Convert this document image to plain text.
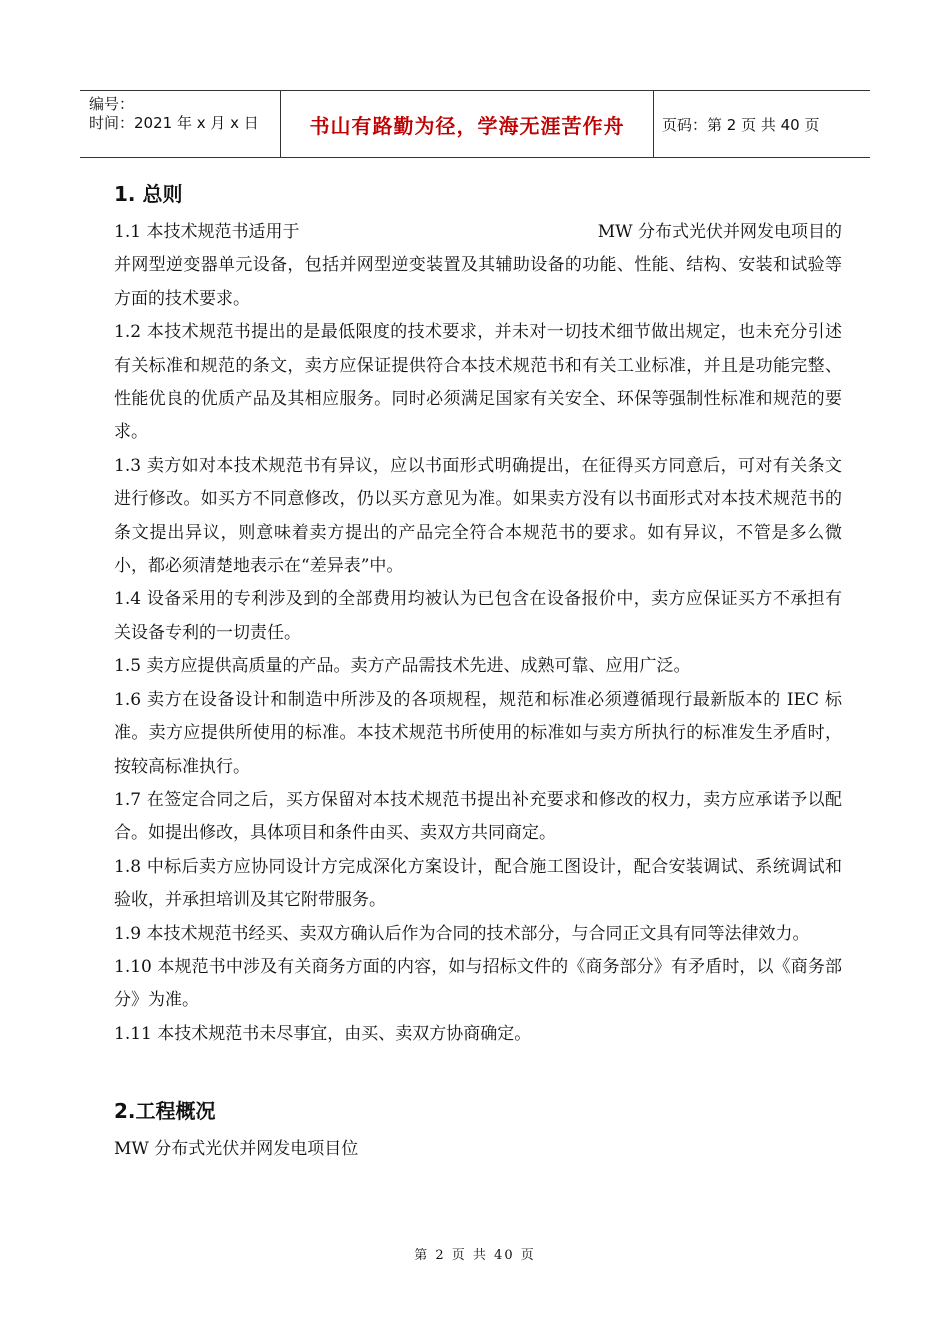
编号：
时间：2021 年 x 月 x 日	书山有路勤为径，学海无涯苦作舟	页码：第 2 页 共 40 页
1. 总则

1.1 本技术规范书适用于	MW 分布式光伏并网发电项目的
并网型逆变器单元设备，包括并网型逆变装置及其辅助设备的功能、性能、结构、安装和试验等方面的技术要求。

1.2 本技术规范书提出的是最低限度的技术要求，并未对一切技术细节做出规定，也未充分引述有关标准和规范的条文，卖方应保证提供符合本技术规范书和有关工业标准，并且是功能完整、性能优良的优质产品及其相应服务。同时必须满足国家有关安全、环保等强制性标准和规范的要求。

1.3 卖方如对本技术规范书有异议，应以书面形式明确提出，在征得买方同意后，可对有关条文进行修改。如买方不同意修改，仍以买方意见为准。如果卖方没有以书面形式对本技术规范书的条文提出异议，则意味着卖方提出的产品完全符合本规范书的要求。如有异议，不管是多么微小，都必须清楚地表示在“差异表”中。

1.4 设备采用的专利涉及到的全部费用均被认为已包含在设备报价中，卖方应保证买方不承担有关设备专利的一切责任。

1.5 卖方应提供高质量的产品。卖方产品需技术先进、成熟可靠、应用广泛。

1.6 卖方在设备设计和制造中所涉及的各项规程，规范和标准必须遵循现行最新版本的 IEC 标准。卖方应提供所使用的标准。本技术规范书所使用的标准如与卖方所执行的标准发生矛盾时，按较高标准执行。

1.7 在签定合同之后，买方保留对本技术规范书提出补充要求和修改的权力，卖方应承诺予以配合。如提出修改，具体项目和条件由买、卖双方共同商定。

1.8 中标后卖方应协同设计方完成深化方案设计，配合施工图设计，配合安装调试、系统调试和验收，并承担培训及其它附带服务。

1.9 本技术规范书经买、卖双方确认后作为合同的技术部分，与合同正文具有同等法律效力。

1.10 本规范书中涉及有关商务方面的内容，如与招标文件的《商务部分》有矛盾时，以《商务部分》为准。

1.11 本技术规范书未尽事宜，由买、卖双方协商确定。

2.工程概况

MW 分布式光伏并网发电项目位

第 2 页 共 40 页
